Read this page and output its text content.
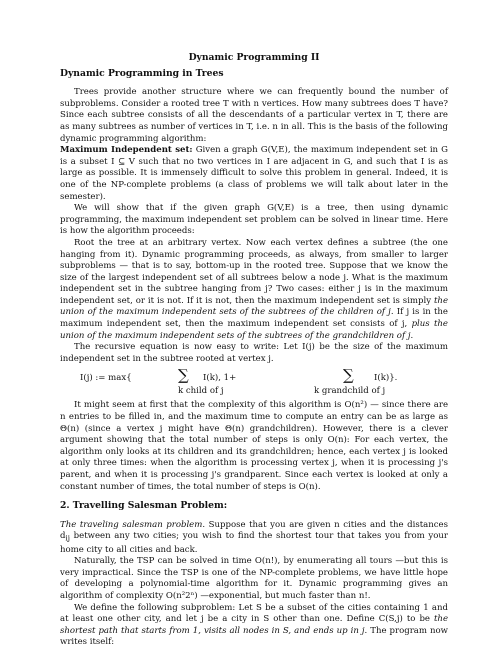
Dynamic Programming II
Dynamic Programming in Trees

Trees provide another structure where we can frequently bound the number of subproblems. Consider a rooted tree T with n vertices. How many subtrees does T have? Since each subtree consists of all the descendants of a particular vertex in T, there are as many subtrees as number of vertices in T, i.e. n in all. This is the basis of the following dynamic programming algorithm:

Maximum Independent set: Given a graph G(V,E), the maximum independent set in G is a subset I ⊆ V such that no two vertices in I are adjacent in G, and such that I is as large as possible. It is immensely difficult to solve this problem in general. Indeed, it is one of the NP-complete problems (a class of problems we will talk about later in the semester).

We will show that if the given graph G(V,E) is a tree, then using dynamic programming, the maximum independent set problem can be solved in linear time. Here is how the algorithm proceeds:

Root the tree at an arbitrary vertex. Now each vertex defines a subtree (the one hanging from it). Dynamic programming proceeds, as always, from smaller to larger subproblems — that is to say, bottom-up in the rooted tree. Suppose that we know the size of the largest independent set of all subtrees below a node j. What is the maximum independent set in the subtree hanging from j? Two cases: either j is in the maximum independent set, or it is not. If it is not, then the maximum independent set is simply the union of the maximum independent sets of the subtrees of the children of j. If j is in the maximum independent set, then the maximum independent set consists of j, plus the union of the maximum independent sets of the subtrees of the grandchildren of j.

The recursive equation is now easy to write: Let I(j) be the size of the maximum independent set in the subtree rooted at vertex j.

I(j) := max{	∑ I(k), 1+	∑ I(k)}.
k child of j	k grandchild of j

It might seem at first that the complexity of this algorithm is O(n²) — since there are n entries to be filled in, and the maximum time to compute an entry can be as large as Θ(n) (since a vertex j might have Θ(n) grandchildren). However, there is a clever argument showing that the total number of steps is only O(n): For each vertex, the algorithm only looks at its children and its grandchildren; hence, each vertex j is looked at only three times: when the algorithm is processing vertex j, when it is processing j's parent, and when it is processing j's grandparent. Since each vertex is looked at only a constant number of times, the total number of steps is O(n).

2. Travelling Salesman Problem:

The traveling salesman problem. Suppose that you are given n cities and the distances $d_{ij}$ between any two cities; you wish to find the shortest tour that takes you from your home city to all cities and back.

Naturally, the TSP can be solved in time O(n!), by enumerating all tours —but this is very impractical. Since the TSP is one of the NP-complete problems, we have little hope of developing a polynomial-time algorithm for it. Dynamic programming gives an algorithm of complexity O(n²2ⁿ) —exponential, but much faster than n!.

We define the following subproblem: Let S be a subset of the cities containing 1 and at least one other city, and let j be a city in S other than one. Define C(S,j) to be the shortest path that starts from 1, visits all nodes in S, and ends up in j. The program now writes itself:
